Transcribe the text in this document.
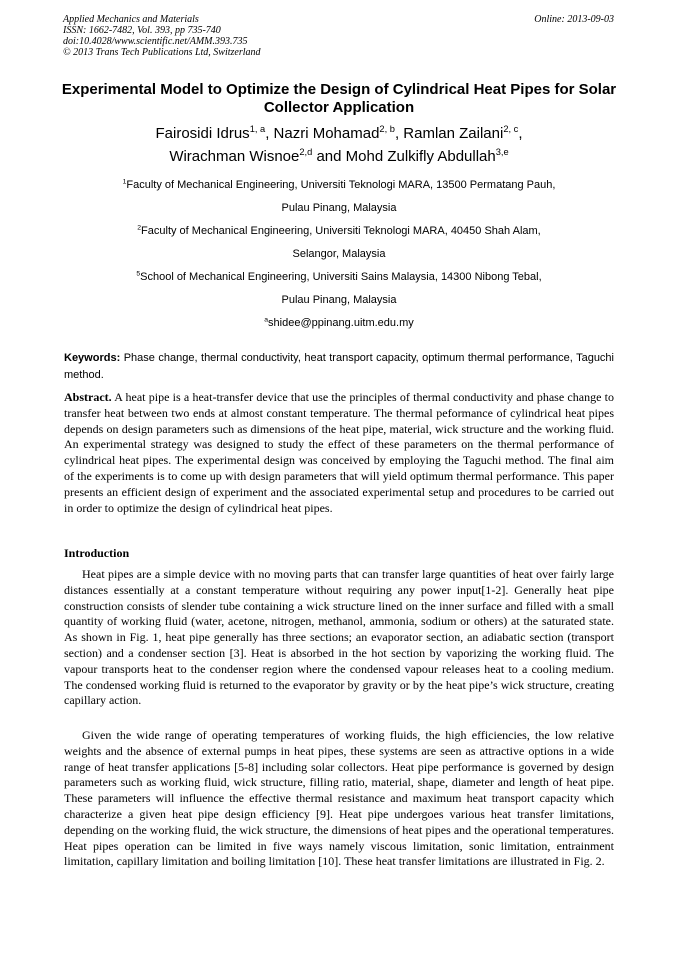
Applied Mechanics and Materials
ISSN: 1662-7482, Vol. 393, pp 735-740
doi:10.4028/www.scientific.net/AMM.393.735
© 2013 Trans Tech Publications Ltd, Switzerland
Online: 2013-09-03
Experimental Model to Optimize the Design of Cylindrical Heat Pipes for Solar Collector Application
Fairosidi Idrus$^{1, a}$, Nazri Mohamad$^{2, b}$, Ramlan Zailani$^{2, c}$,
Wirachman Wisnoe$^{2,d}$ and Mohd Zulkifly Abdullah$^{3,e}$
$^1$Faculty of Mechanical Engineering, Universiti Teknologi MARA, 13500 Permatang Pauh,
Pulau Pinang, Malaysia
$^2$Faculty of Mechanical Engineering, Universiti Teknologi MARA, 40450 Shah Alam,
Selangor, Malaysia
$^5$School of Mechanical Engineering, Universiti Sains Malaysia, 14300 Nibong Tebal,
Pulau Pinang, Malaysia
$^a$shidee@ppinang.uitm.edu.my
Keywords: Phase change, thermal conductivity, heat transport capacity, optimum thermal performance, Taguchi method.
Abstract. A heat pipe is a heat-transfer device that use the principles of thermal conductivity and phase change to transfer heat between two ends at almost constant temperature. The thermal peformance of cylindrical heat pipes depends on design parameters such as dimensions of the heat pipe, material, wick structure and the working fluid. An experimental strategy was designed to study the effect of these parameters on the thermal performance of cylindrical heat pipes. The experimental design was conceived by employing the Taguchi method. The final aim of the experiments is to come up with design parameters that will yield optimum thermal performance. This paper presents an efficient design of experiment and the associated experimental setup and procedures to be carried out in order to optimize the design of cylindrical heat pipes.
Introduction
Heat pipes are a simple device with no moving parts that can transfer large quantities of heat over fairly large distances essentially at a constant temperature without requiring any power input[1-2]. Generally heat pipe construction consists of slender tube containing a wick structure lined on the inner surface and filled with a small quantity of working fluid (water, acetone, nitrogen, methanol, ammonia, sodium or others) at the saturated state. As shown in Fig. 1, heat pipe generally has three sections; an evaporator section, an adiabatic section (transport section) and a condenser section [3]. Heat is absorbed in the hot section by vaporizing the working fluid. The vapour transports heat to the condenser region where the condensed vapour releases heat to a cooling medium. The condensed working fluid is returned to the evaporator by gravity or by the heat pipe’s wick structure, creating capillary action.
Given the wide range of operating temperatures of working fluids, the high efficiencies, the low relative weights and the absence of external pumps in heat pipes, these systems are seen as attractive options in a wide range of heat transfer applications [5-8] including solar collectors. Heat pipe performance is governed by design parameters such as working fluid, wick structure, filling ratio, material, shape, diameter and length of heat pipe. These parameters will influence the effective thermal resistance and maximum heat transport capacity which characterize a given heat pipe design efficiency [9]. Heat pipe undergoes various heat transfer limitations, depending on the working fluid, the wick structure, the dimensions of heat pipes and the operational temperatures. Heat pipes operation can be limited in five ways namely viscous limitation, sonic limitation, entrainment limitation, capillary limitation and boiling limitation [10]. These heat transfer limitations are illustrated in Fig. 2.
